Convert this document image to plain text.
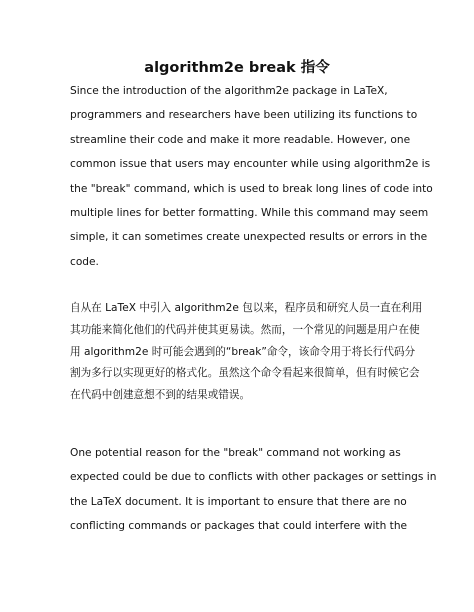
algorithm2e break 指令
Since the introduction of the algorithm2e package in LaTeX,
programmers and researchers have been utilizing its functions to
streamline their code and make it more readable. However, one
common issue that users may encounter while using algorithm2e is
the "break" command, which is used to break long lines of code into
multiple lines for better formatting. While this command may seem
simple, it can sometimes create unexpected results or errors in the
code.
自从在 LaTeX 中引入 algorithm2e 包以来，程序员和研究人员一直在利用
其功能来简化他们的代码并使其更易读。然而，一个常见的问题是用户在使
用 algorithm2e 时可能会遇到的“break”命令，该命令用于将长行代码分
割为多行以实现更好的格式化。虽然这个命令看起来很简单，但有时候它会
在代码中创建意想不到的结果或错误。
One potential reason for the "break" command not working as
expected could be due to conflicts with other packages or settings in
the LaTeX document. It is important to ensure that there are no
conflicting commands or packages that could interfere with the
